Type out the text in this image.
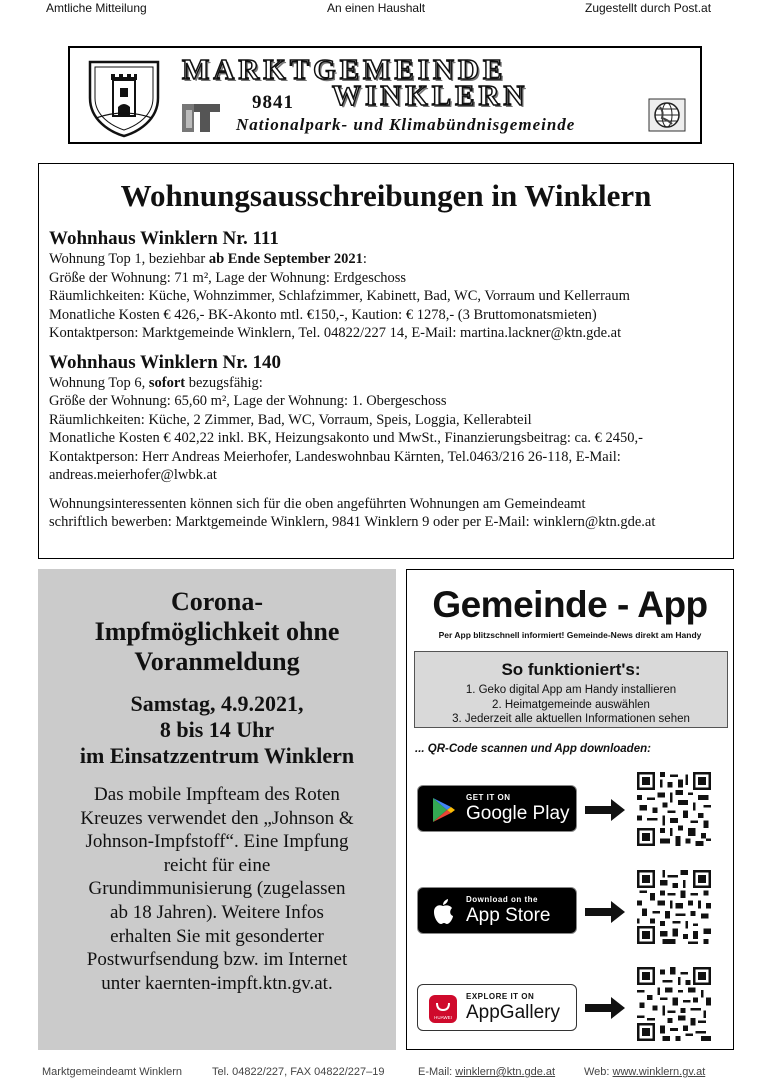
Amtliche Mitteilung	An einen Haushalt	Zugestellt durch Post.at
MARKTGEMEINDE
9841 WINKLERN
Nationalpark- und Klimabündnisgemeinde
Wohnungsausschreibungen in Winklern
Wohnhaus Winklern Nr. 111
Wohnung Top 1, beziehbar ab Ende September 2021:
Größe der Wohnung: 71 m², Lage der Wohnung: Erdgeschoss
Räumlichkeiten: Küche, Wohnzimmer, Schlafzimmer, Kabinett, Bad, WC, Vorraum und Kellerraum
Monatliche Kosten € 426,- BK-Akonto mtl. €150,-, Kaution: € 1278,- (3 Bruttomonatsmieten)
Kontaktperson: Marktgemeinde Winklern, Tel. 04822/227 14, E-Mail: martina.lackner@ktn.gde.at
Wohnhaus Winklern Nr. 140
Wohnung Top 6, sofort bezugsfähig:
Größe der Wohnung: 65,60 m², Lage der Wohnung: 1. Obergeschoss
Räumlichkeiten: Küche, 2 Zimmer, Bad, WC, Vorraum, Speis, Loggia, Kellerabteil
Monatliche Kosten € 402,22 inkl. BK, Heizungsakonto und MwSt., Finanzierungsbeitrag: ca. € 2450,-
Kontaktperson: Herr Andreas Meierhofer, Landeswohnbau Kärnten, Tel.0463/216 26-118, E-Mail:
andreas.meierhofer@lwbk.at
Wohnungsinteressenten können sich für die oben angeführten Wohnungen am Gemeindeamt
schriftlich bewerben: Marktgemeinde Winklern, 9841 Winklern 9 oder per E-Mail: winklern@ktn.gde.at
Corona-
Impfmöglichkeit ohne
Voranmeldung
Samstag, 4.9.2021,
8 bis 14 Uhr
im Einsatzzentrum Winklern
Das mobile Impfteam des Roten
Kreuzes verwendet den „Johnson &
Johnson-Impfstoff“. Eine Impfung
reicht für eine
Grundimmunisierung (zugelassen
ab 18 Jahren). Weitere Infos
erhalten Sie mit gesonderter
Postwurfsendung bzw. im Internet
unter kaernten-impft.ktn.gv.at.
Gemeinde - App
Per App blitzschnell informiert! Gemeinde-News direkt am Handy
So funktioniert's:
1. Geko digital App am Handy installieren
2. Heimatgemeinde auswählen
3. Jederzeit alle aktuellen Informationen sehen
... QR-Code scannen und App downloaden:
GET IT ON
Google Play
Download on the
App Store
HUAWEI
EXPLORE IT ON
AppGallery
Marktgemeindeamt Winklern	Tel. 04822/227, FAX 04822/227–19	E-Mail: winklern@ktn.gde.at	Web: www.winklern.gv.at
